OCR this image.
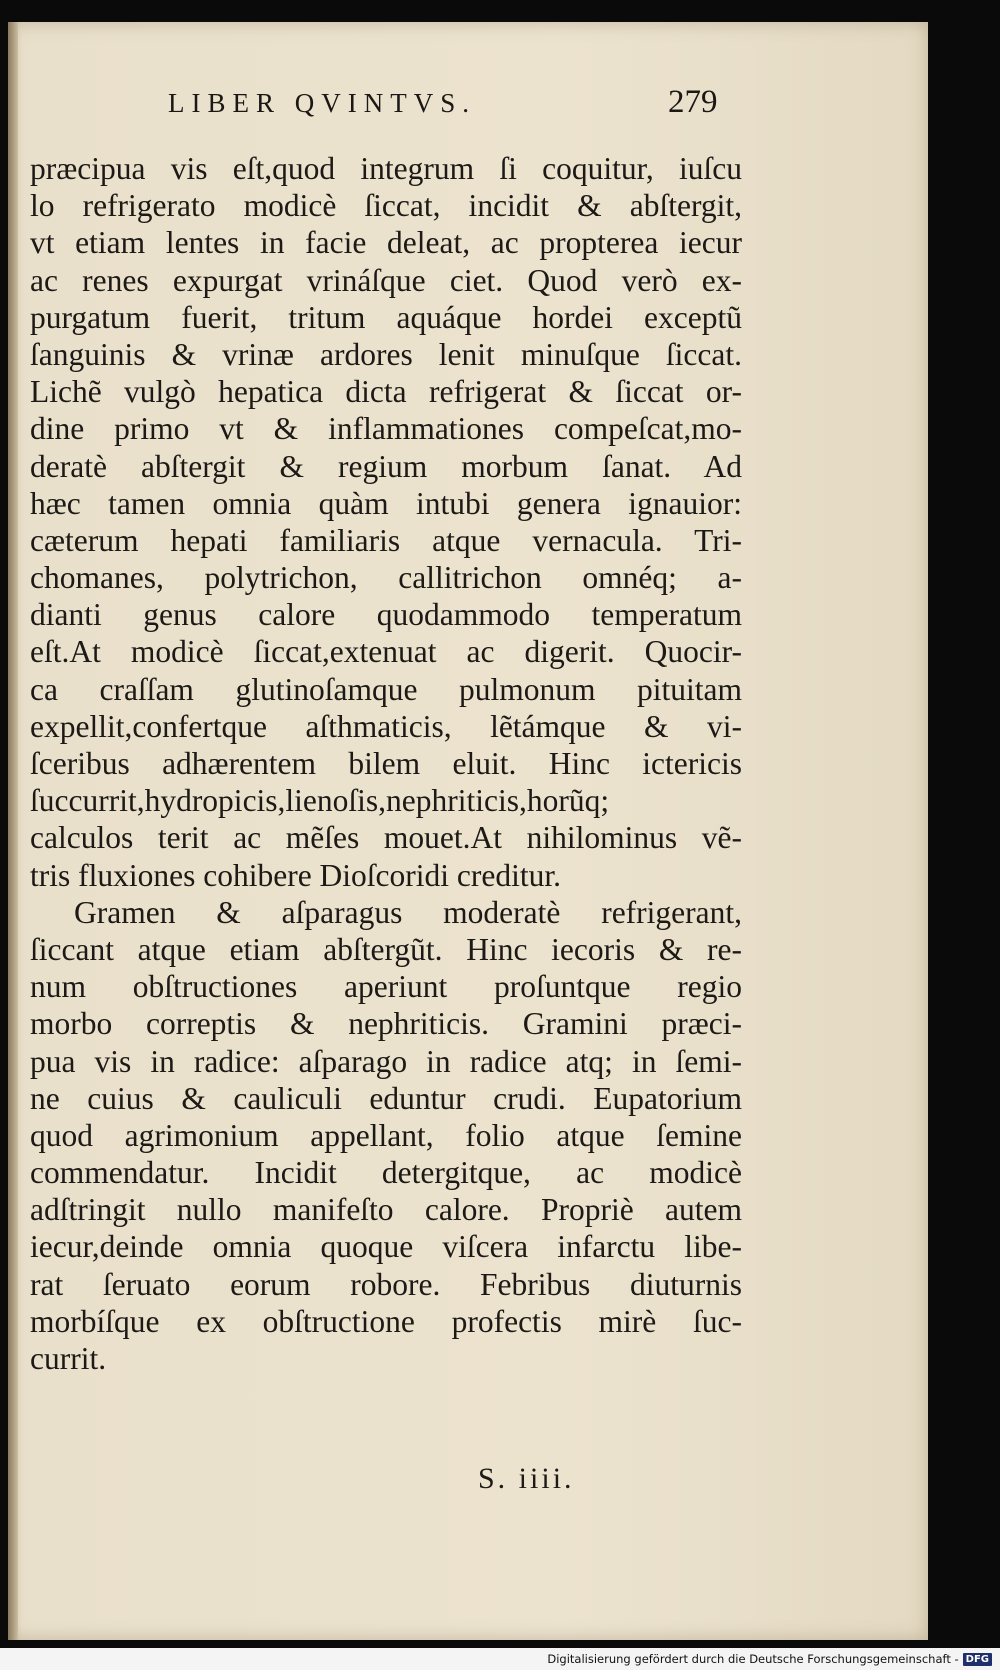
LIBER QVINTVS.	279
præcipua vis eſt,quod integrum ſi coquitur, iuſcu
lo refrigerato modicè ſiccat, incidit & abſtergit,
vt etiam lentes in facie deleat, ac propterea iecur
ac renes expurgat vrináſque ciet. Quod verò ex-
purgatum fuerit, tritum aquáque hordei exceptũ
ſanguinis & vrinæ ardores lenit minuſque ſiccat.
Lichẽ vulgò hepatica dicta refrigerat & ſiccat or-
dine primo vt & inflammationes compeſcat,mo-
deratè abſtergit & regium morbum ſanat. Ad
hæc tamen omnia quàm intubi genera ignauior:
cæterum hepati familiaris atque vernacula. Tri-
chomanes, polytrichon, callitrichon omnéq; a-
dianti genus calore quodammodo temperatum
eſt.At modicè ſiccat,extenuat ac digerit. Quocir-
ca craſſam glutinoſamque pulmonum pituitam
expellit,confertque aſthmaticis, lẽtámque & vi-
ſceribus adhærentem bilem eluit. Hinc ictericis
ſuccurrit,hydropicis,lienoſis,nephriticis,horũq;
calculos terit ac mẽſes mouet.At nihilominus vẽ-
tris fluxiones cohibere Dioſcoridi creditur.
Gramen & aſparagus moderatè refrigerant,
ſiccant atque etiam abſtergũt. Hinc iecoris & re-
num obſtructiones aperiunt proſuntque regio
morbo correptis & nephriticis. Gramini præci-
pua vis in radice: aſparago in radice atq; in ſemi-
ne cuius & cauliculi eduntur crudi. Eupatorium
quod agrimonium appellant, folio atque ſemine
commendatur. Incidit detergitque, ac modicè
adſtringit nullo manifeſto calore. Propriè autem
iecur,deinde omnia quoque viſcera infarctu libe-
rat ſeruato eorum robore. Febribus diuturnis
morbíſque ex obſtructione profectis mirè ſuc-
currit.
S. iiii.
Digitalisierung gefördert durch die Deutsche Forschungsgemeinschaft - DFG
